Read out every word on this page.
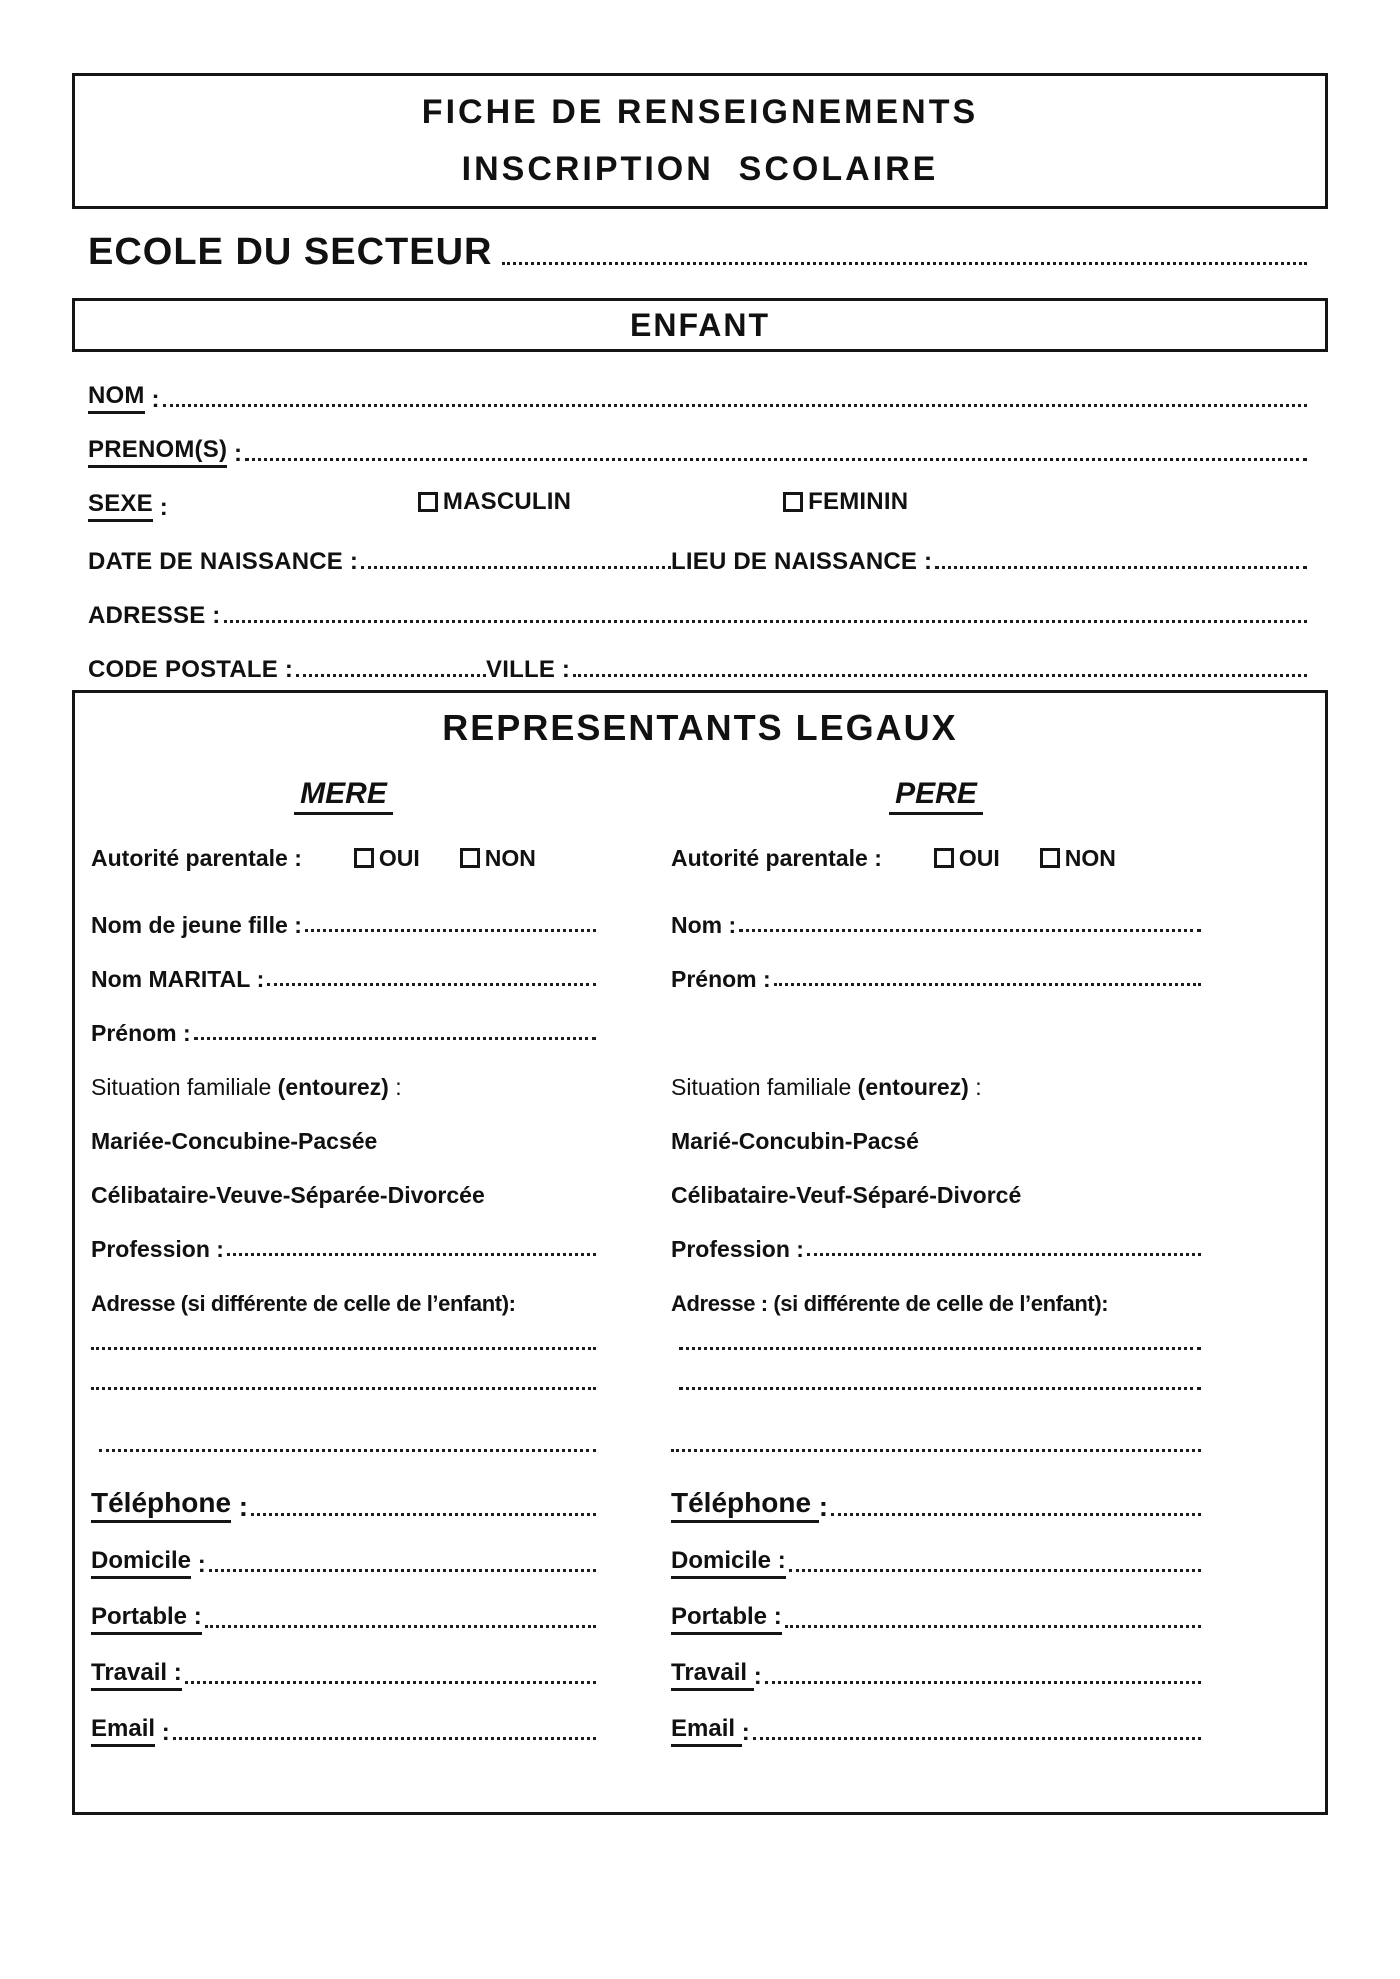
FICHE DE RENSEIGNEMENTS
INSCRIPTION  SCOLAIRE
ECOLE DU SECTEUR
ENFANT
NOM :
PRENOM(S) :
SEXE :	MASCULIN	FEMININ
DATE DE NAISSANCE :	LIEU DE NAISSANCE :
ADRESSE :
CODE POSTALE :	VILLE :
REPRESENTANTS LEGAUX
MERE
Autorité parentale :	OUI	NON
Nom de jeune fille :
Nom MARITAL :
Prénom :
Situation familiale (entourez) :
Mariée-Concubine-Pacsée
Célibataire-Veuve-Séparée-Divorcée
Profession :
Adresse (si différente de celle de l’enfant):
Téléphone :
Domicile :
Portable :
Travail :
Email :
PERE
Autorité parentale :	OUI	NON
Nom :
Prénom :
Situation familiale (entourez) :
Marié-Concubin-Pacsé
Célibataire-Veuf-Séparé-Divorcé
Profession :
Adresse : (si différente de celle de l’enfant):
Téléphone :
Domicile :
Portable :
Travail :
Email :
